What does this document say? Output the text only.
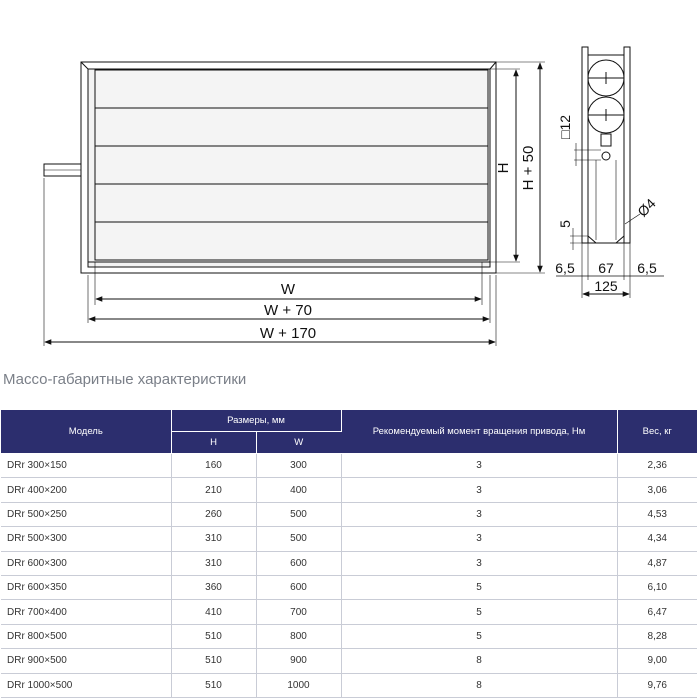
W
W + 70
W + 170
H H + 50
□12
5
Ø4
6,5 67 6,5
125
Массо-габаритные характеристики
Модель	Размеры, мм		Рекомендуемый момент вращения привода, Нм	Вес, кг
	H	W		
DRr 300×150	160	300	3	2,36
DRr 400×200	210	400	3	3,06
DRr 500×250	260	500	3	4,53
DRr 500×300	310	500	3	4,34
DRr 600×300	310	600	3	4,87
DRr 600×350	360	600	5	6,10
DRr 700×400	410	700	5	6,47
DRr 800×500	510	800	5	8,28
DRr 900×500	510	900	8	9,00
DRr 1000×500	510	1000	8	9,76
